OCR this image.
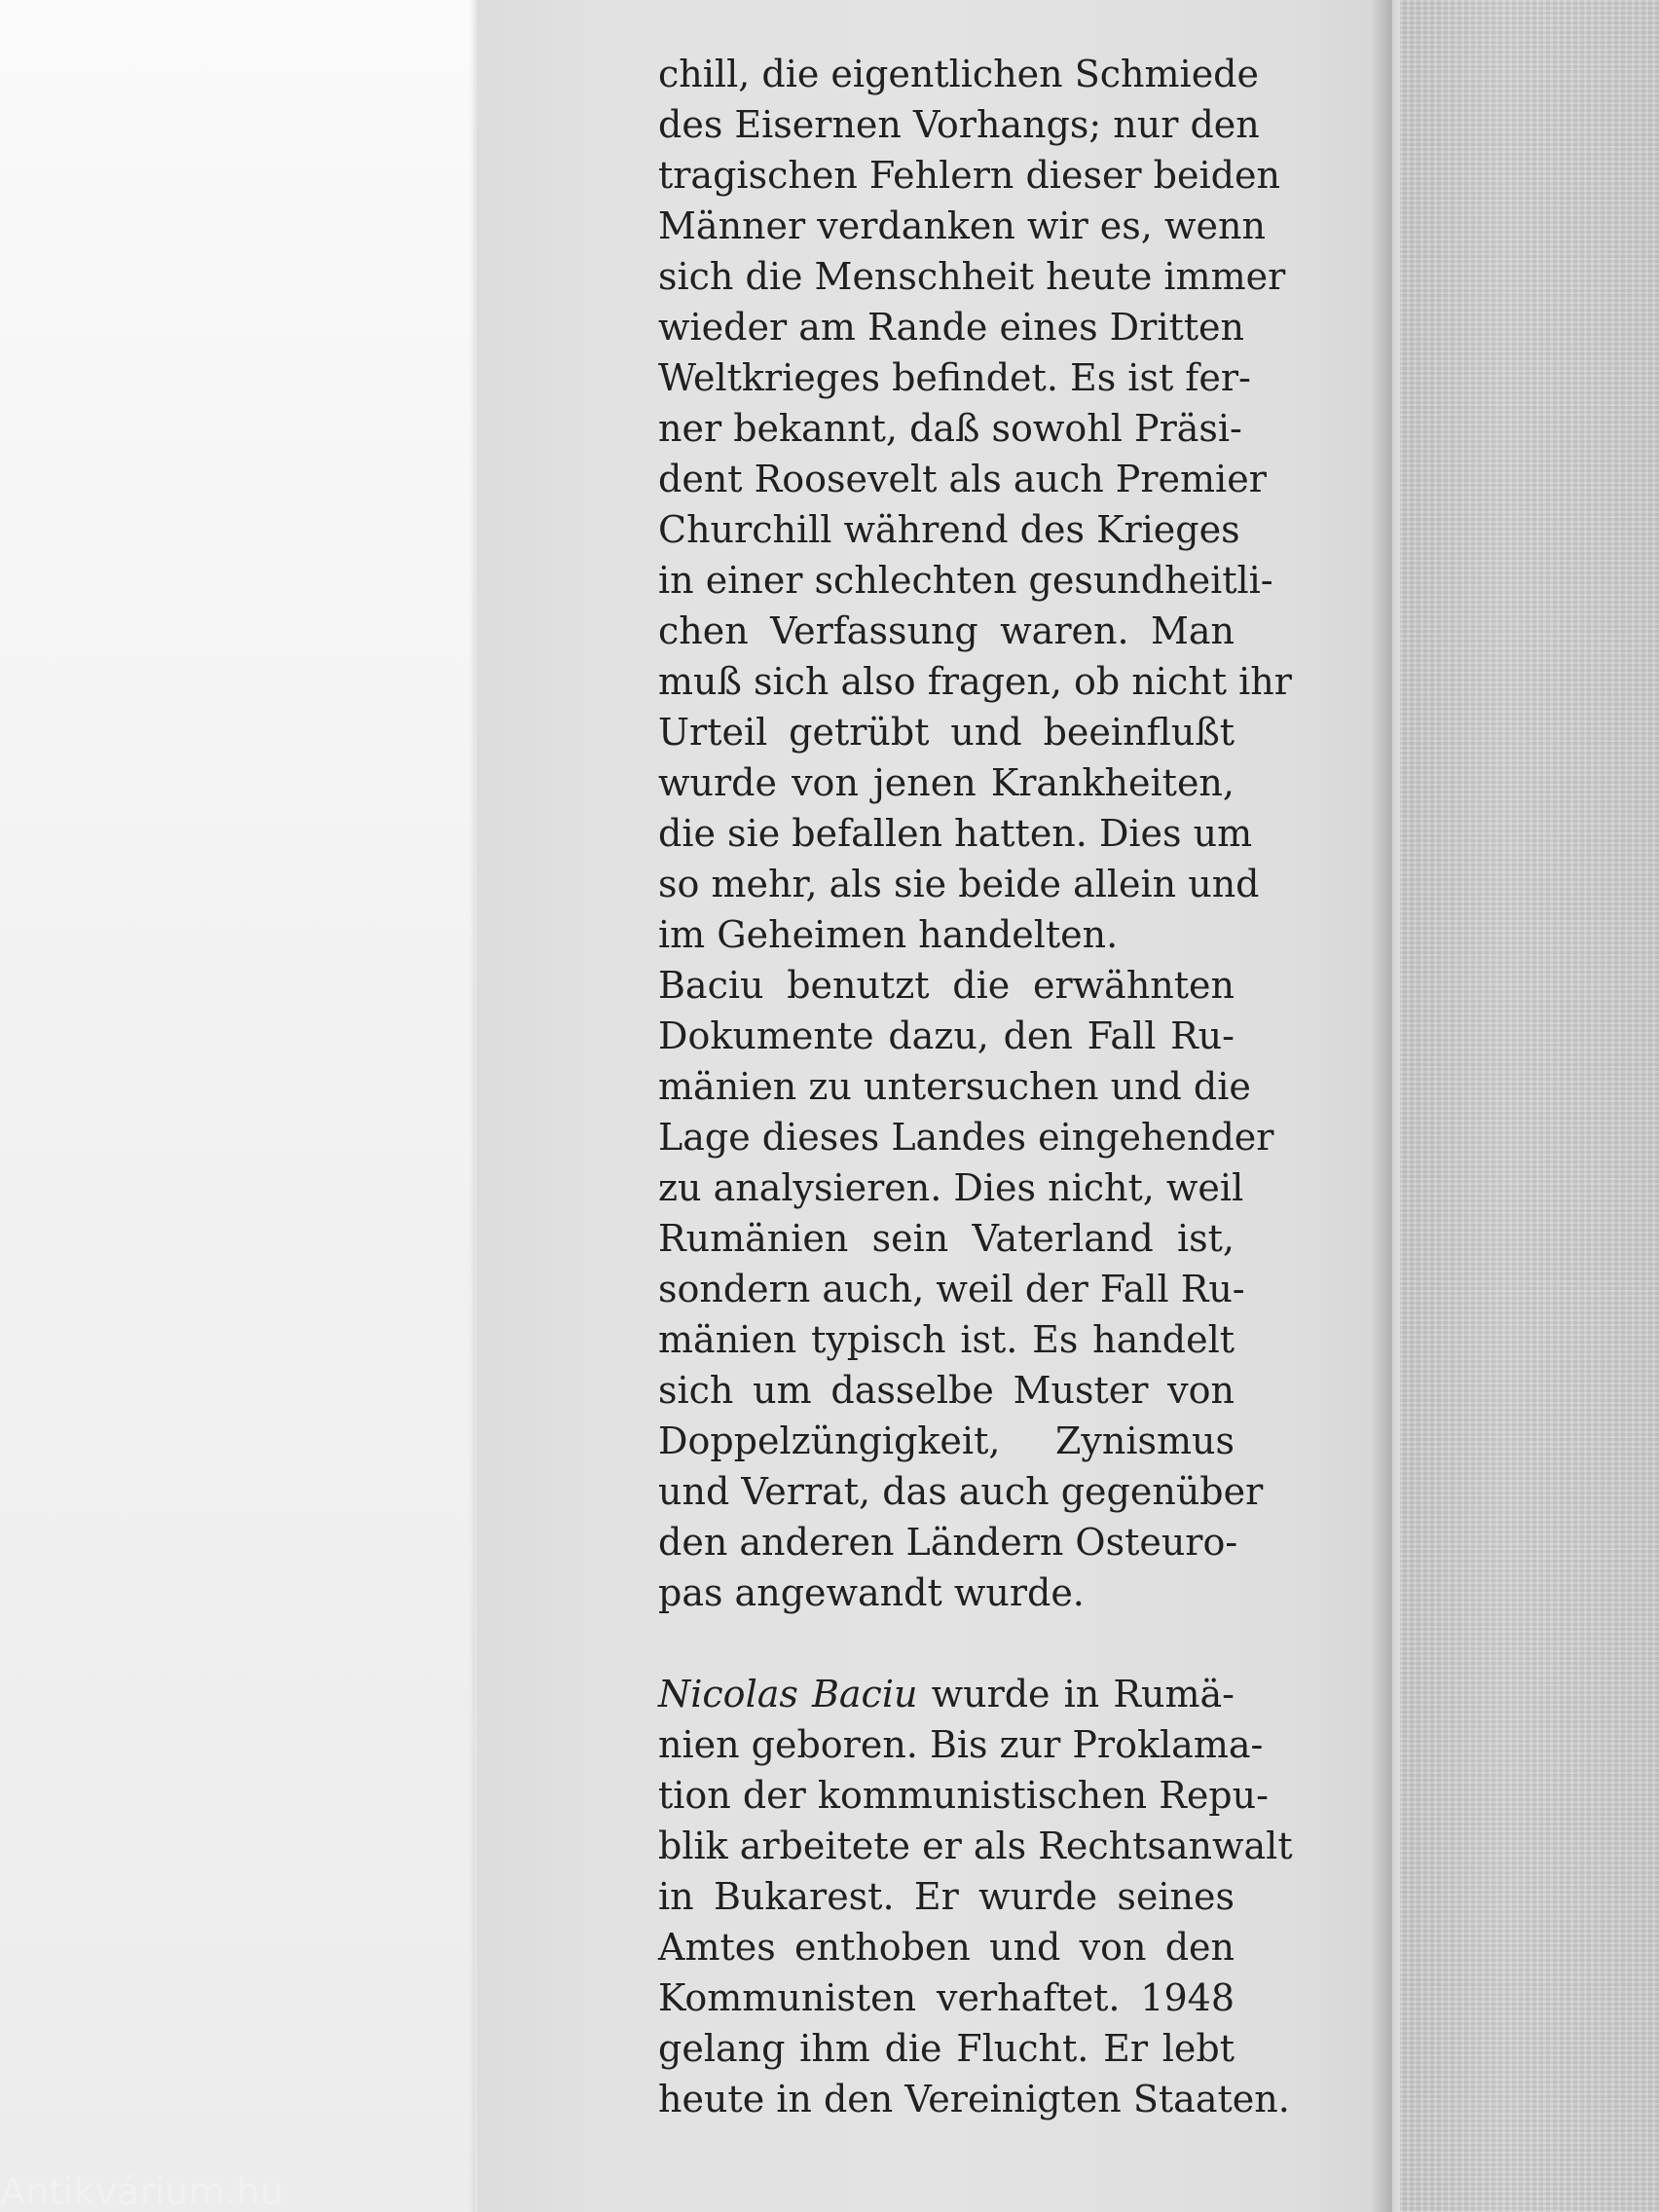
chill, die eigentlichen Schmiede
des Eisernen Vorhangs; nur den
tragischen Fehlern dieser beiden
Männer verdanken wir es, wenn
sich die Menschheit heute immer
wieder am Rande eines Dritten
Weltkrieges befindet. Es ist fer-
ner bekannt, daß sowohl Präsi-
dent Roosevelt als auch Premier
Churchill während des Krieges
in einer schlechten gesundheitli-
chen Verfassung waren. Man
muß sich also fragen, ob nicht ihr
Urteil getrübt und beeinflußt
wurde von jenen Krankheiten,
die sie befallen hatten. Dies um
so mehr, als sie beide allein und
im Geheimen handelten.
Baciu benutzt die erwähnten
Dokumente dazu, den Fall Ru-
mänien zu untersuchen und die
Lage dieses Landes eingehender
zu analysieren. Dies nicht, weil
Rumänien sein Vaterland ist,
sondern auch, weil der Fall Ru-
mänien typisch ist. Es handelt
sich um dasselbe Muster von
Doppelzüngigkeit, Zynismus
und Verrat, das auch gegenüber
den anderen Ländern Osteuro-
pas angewandt wurde.
Nicolas Baciu wurde in Rumä-
nien geboren. Bis zur Proklama-
tion der kommunistischen Repu-
blik arbeitete er als Rechtsanwalt
in Bukarest. Er wurde seines
Amtes enthoben und von den
Kommunisten verhaftet. 1948
gelang ihm die Flucht. Er lebt
heute in den Vereinigten Staaten.
Antikvárium.hu
